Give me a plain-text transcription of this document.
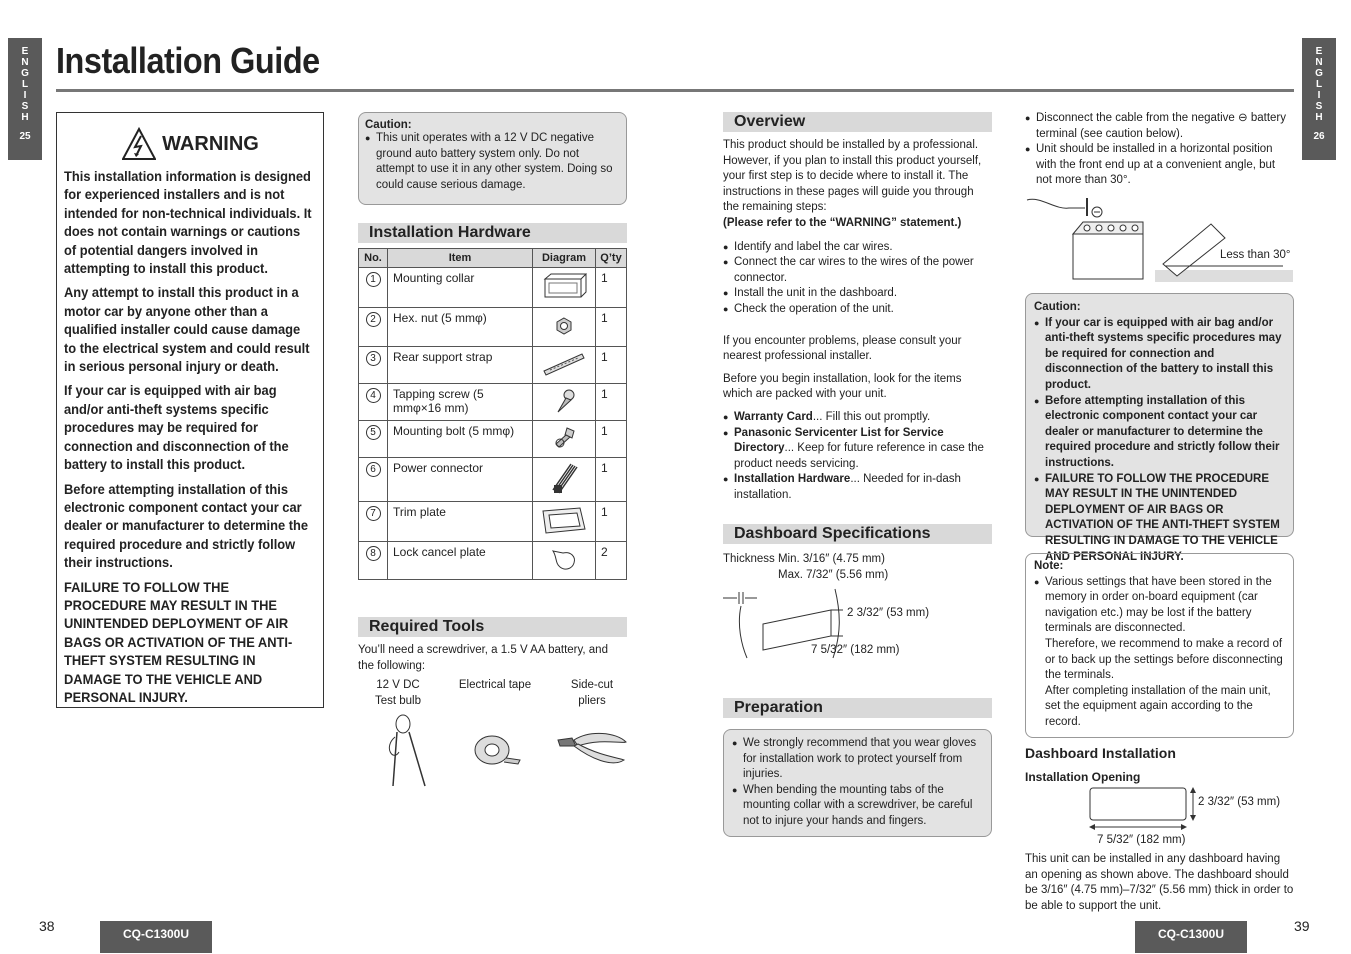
E
N
G
L
I
S
H
25
E
N
G
L
I
S
H
26
Installation Guide
WARNING

This installation information is designed for experienced installers and is not intended for non-technical individuals. It does not contain warnings or cautions of potential dangers involved in attempting to install this product.

Any attempt to install this product in a motor car by anyone other than a qualified installer could cause damage to the electrical system and could result in serious personal injury or death.

If your car is equipped with air bag and/or anti-theft systems specific procedures may be required for connection and disconnection of the battery to install this product.

Before attempting installation of this electronic component contact your car dealer or manufacturer to determine the required procedure and strictly follow their instructions.

FAILURE TO FOLLOW THE PROCEDURE MAY RESULT IN THE UNINTENDED DEPLOYMENT OF AIR BAGS OR ACTIVATION OF THE ANTI-THEFT SYSTEM RESULTING IN DAMAGE TO THE VEHICLE AND PERSONAL INJURY.

Caution:
● This unit operates with a 12 V DC negative ground auto battery system only. Do not attempt to use it in any other system. Doing so could cause serious damage.
Installation Hardware
No.	Item	Diagram	Q’ty
1	Mounting collar		1
2	Hex. nut (5 mmφ)		1
3	Rear support strap		1
4	Tapping screw (5 mmφ×16 mm)		1
5	Mounting bolt (5 mmφ)		1
6	Power connector		1
7	Trim plate		1
8	Lock cancel plate		2
Required Tools
You’ll need a screwdriver, a 1.5 V AA battery, and the following:
12 V DC Test bulb
Electrical tape	Side-cut pliers
Overview
This product should be installed by a professional. However, if you plan to install this product yourself, your first step is to decide where to install it. The instructions in these pages will guide you through the remaining steps:
(Please refer to the “WARNING” statement.)
● Identify and label the car wires.
● Connect the car wires to the wires of the power connector.
● Install the unit in the dashboard.
● Check the operation of the unit.
If you encounter problems, please consult your nearest professional installer.
Before you begin installation, look for the items which are packed with your unit.
● Warranty Card... Fill this out promptly.
● Panasonic Servicenter List for Service Directory... Keep for future reference in case the product needs servicing.
● Installation Hardware... Needed for in-dash installation.
Dashboard Specifications
Thickness Min. 3/16″ (4.75 mm)
Max. 7/32″ (5.56 mm)
2 3/32″ (53 mm)
7 5/32″ (182 mm)
Preparation
● We strongly recommend that you wear gloves for installation work to protect yourself from injuries.
● When bending the mounting tabs of the mounting collar with a screwdriver, be careful not to injure your hands and fingers.
● Disconnect the cable from the negative ⊖ battery terminal (see caution below).
● Unit should be installed in a horizontal position with the front end up at a convenient angle, but not more than 30°.
Less than 30°
Caution:
● If your car is equipped with air bag and/or anti-theft systems specific procedures may be required for connection and disconnection of the battery to install this product.
● Before attempting installation of this electronic component contact your car dealer or manufacturer to determine the required procedure and strictly follow their instructions.
● FAILURE TO FOLLOW THE PROCEDURE MAY RESULT IN THE UNINTENDED DEPLOYMENT OF AIR BAGS OR ACTIVATION OF THE ANTI-THEFT SYSTEM RESULTING IN DAMAGE TO THE VEHICLE AND PERSONAL INJURY.
Note:
● Various settings that have been stored in the memory in order on-board equipment (car navigation etc.) may be lost if the battery terminals are disconnected.
Therefore, we recommend to make a record of or to back up the settings before disconnecting the terminals.
After completing installation of the main unit, set the equipment again according to the record.
Dashboard Installation
Installation Opening
2 3/32″ (53 mm)
7 5/32″ (182 mm)
This unit can be installed in any dashboard having an opening as shown above. The dashboard should be 3/16″ (4.75 mm)–7/32″ (5.56 mm) thick in order to be able to support the unit.
38	CQ-C1300U	CQ-C1300U	39
